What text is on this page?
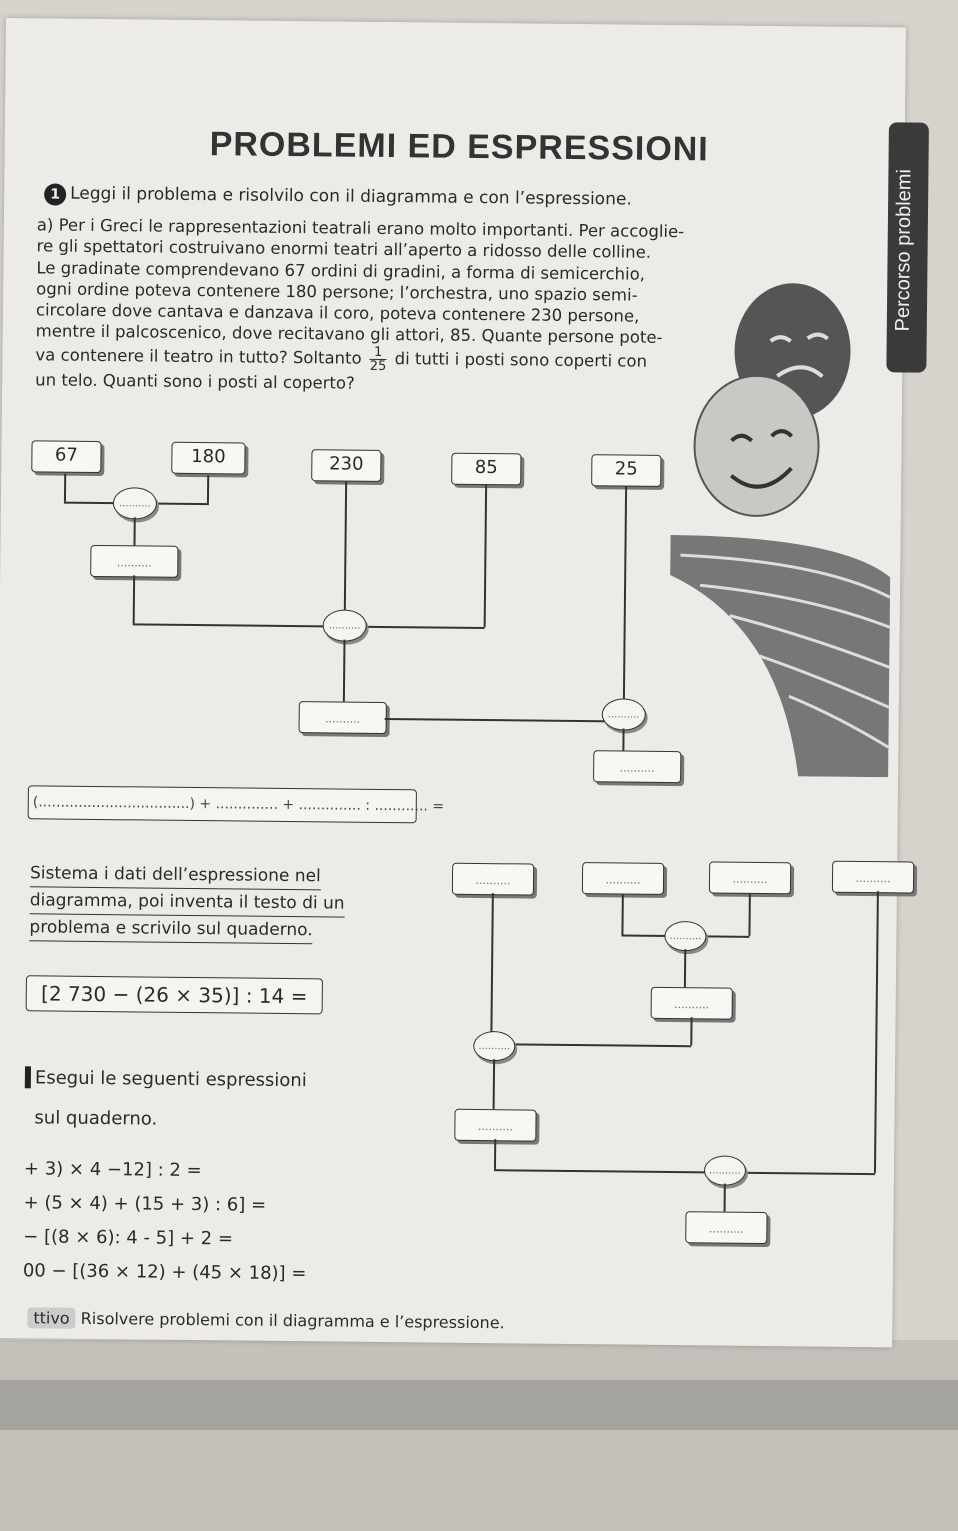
Percorso problemi
PROBLEMI ED ESPRESSIONI
1 Leggi il problema e risolvilo con il diagramma e con l’espressione.

a) Per i Greci le rappresentazioni teatrali erano molto importanti. Per accoglie-

re gli spettatori costruivano enormi teatri all’aperto a ridosso delle colline.

Le gradinate comprendevano 67 ordini di gradini, a forma di semicerchio,

ogni ordine poteva contenere 180 persone; l’orchestra, uno spazio semi-

circolare dove cantava e danzava il coro, poteva contenere 230 persone,

mentre il palcoscenico, dove recitavano gli attori, 85. Quante persone pote-

va contenere il teatro in tutto? Soltanto $\frac{1}{25}$ di tutti i posti sono coperti con

un telo. Quanti sono i posti al coperto?

67	180	230	85	25
..........
..........
..........
..........	..........
..........
(..................................) + .............. + .............. : ............ =

Sistema i dati dell’espressione nel

diagramma, poi inventa il testo di un

problema e scrivilo sul quaderno.

[2 730 − (26 × 35)] : 14 =
..........	..........	..........	..........
..........
..........
..........
..........
..........
..........
Esegui le seguenti espressioni
sul quaderno.
+ 3) × 4 −12] : 2 =
+ (5 × 4) + (15 + 3) : 6] =
− [(8 × 6): 4 - 5] + 2 =
00 − [(36 × 12) + (45 × 18)] =
ttivo Risolvere problemi con il diagramma e l’espressione.
